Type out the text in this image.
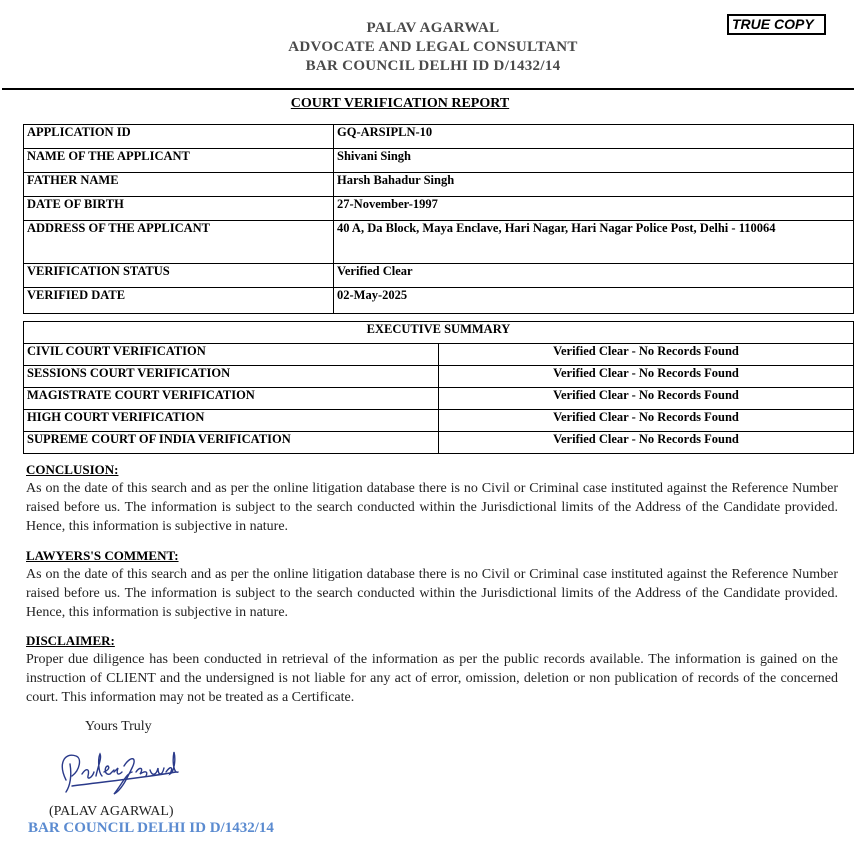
PALAV AGARWAL
ADVOCATE AND LEGAL CONSULTANT
BAR COUNCIL DELHI ID D/1432/14
TRUE COPY
COURT VERIFICATION REPORT
APPLICATION ID	GQ-ARSIPLN-10
NAME OF THE APPLICANT	Shivani Singh
FATHER NAME	Harsh Bahadur Singh
DATE OF BIRTH	27-November-1997
ADDRESS OF THE APPLICANT	40 A, Da Block, Maya Enclave, Hari Nagar, Hari Nagar Police Post, Delhi - 110064
VERIFICATION STATUS	Verified Clear
VERIFIED DATE	02-May-2025
EXECUTIVE SUMMARY	
CIVIL COURT VERIFICATION	Verified Clear - No Records Found
SESSIONS COURT VERIFICATION	Verified Clear - No Records Found
MAGISTRATE COURT VERIFICATION	Verified Clear - No Records Found
HIGH COURT VERIFICATION	Verified Clear - No Records Found
SUPREME COURT OF INDIA VERIFICATION	Verified Clear - No Records Found
CONCLUSION:
As on the date of this search and as per the online litigation database there is no Civil or Criminal case instituted against the Reference Number raised before us. The information is subject to the search conducted within the Jurisdictional limits of the Address of the Candidate provided. Hence, this information is subjective in nature.
LAWYERS'S COMMENT:
As on the date of this search and as per the online litigation database there is no Civil or Criminal case instituted against the Reference Number raised before us. The information is subject to the search conducted within the Jurisdictional limits of the Address of the Candidate provided. Hence, this information is subjective in nature.
DISCLAIMER:
Proper due diligence has been conducted in retrieval of the information as per the public records available. The information is gained on the instruction of CLIENT and the undersigned is not liable for any act of error, omission, deletion or non publication of records of the concerned court. This information may not be treated as a Certificate.
Yours Truly
(PALAV AGARWAL)
BAR COUNCIL DELHI ID D/1432/14
